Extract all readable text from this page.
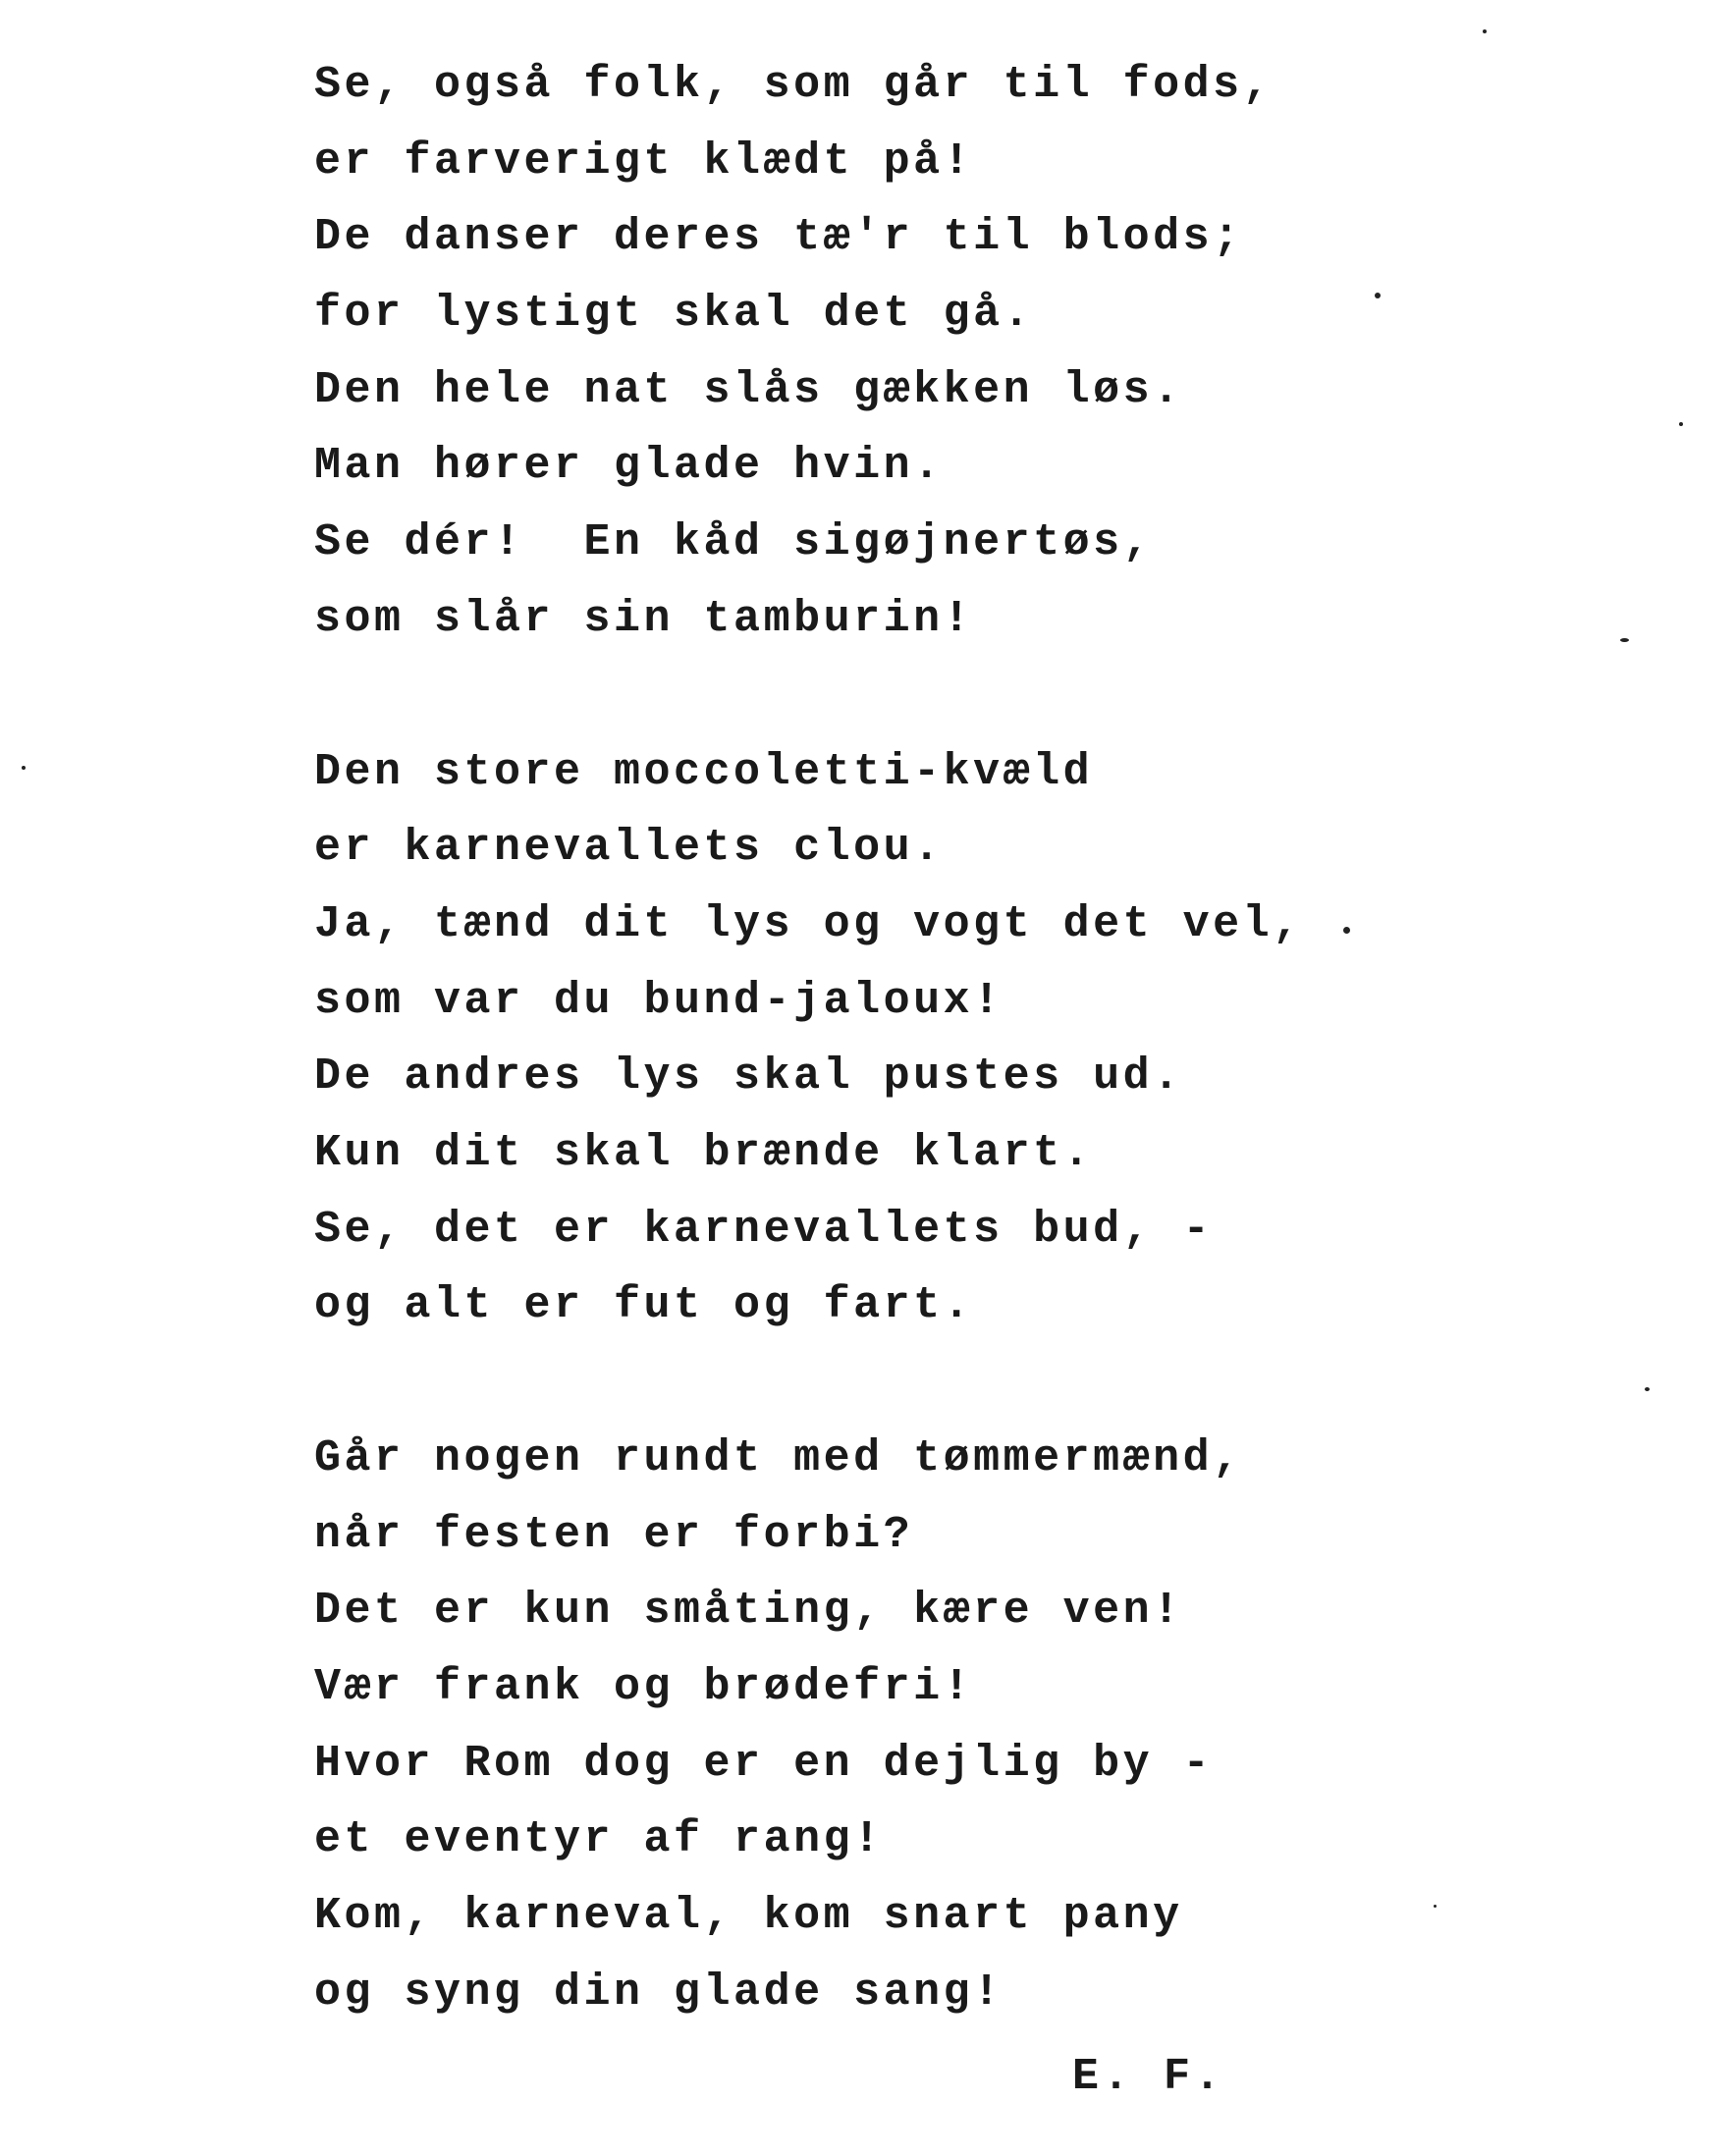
Se, også folk, som går til fods,
er farverigt klædt på!
De danser deres tæ'r til blods;
for lystigt skal det gå.
Den hele nat slås gækken løs.
Man hører glade hvin.
Se dér!  En kåd sigøjnertøs,
som slår sin tamburin!
Den store moccoletti-kvæld
er karnevallets clou.
Ja, tænd dit lys og vogt det vel,
som var du bund-jaloux!
De andres lys skal pustes ud.
Kun dit skal brænde klart.
Se, det er karnevallets bud, -
og alt er fut og fart.
Går nogen rundt med tømmermænd,
når festen er forbi?
Det er kun småting, kære ven!
Vær frank og brødefri!
Hvor Rom dog er en dejlig by -
et eventyr af rang!
Kom, karneval, kom snart pany
og syng din glade sang!
E. F.
